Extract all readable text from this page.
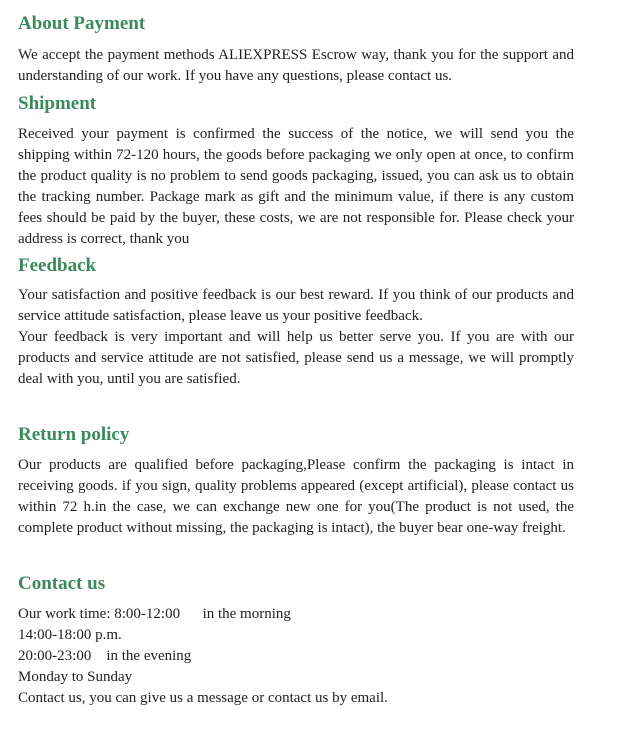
About Payment

We accept the payment methods ALIEXPRESS Escrow way, thank you for the support and understanding of our work. If you have any questions, please contact us.

Shipment

Received your payment is confirmed the success of the notice, we will send you the shipping within 72-120 hours, the goods before packaging we only open at once, to confirm the product quality is no problem to send goods packaging, issued, you can ask us to obtain the tracking number. Package mark as gift and the minimum value, if there is any custom fees should be paid by the buyer, these costs, we are not responsible for. Please check your address is correct, thank you

Feedback

Your satisfaction and positive feedback is our best reward. If you think of our products and service attitude satisfaction, please leave us your positive feedback.

Your feedback is very important and will help us better serve you. If you are with our products and service attitude are not satisfied, please send us a message, we will promptly deal with you, until you are satisfied.

Return policy

Our products are qualified before packaging,Please confirm the packaging is intact in receiving goods. if you sign, quality problems appeared (except artificial), please contact us within 72 h.in the case, we can exchange new one for you(The product is not used, the complete product without missing, the packaging is intact), the buyer bear one-way freight.

Contact us
Our work time: 8:00-12:00      in the morning
14:00-18:00 p.m.
20:00-23:00    in the evening
Monday to Sunday
Contact us, you can give us a message or contact us by email.
